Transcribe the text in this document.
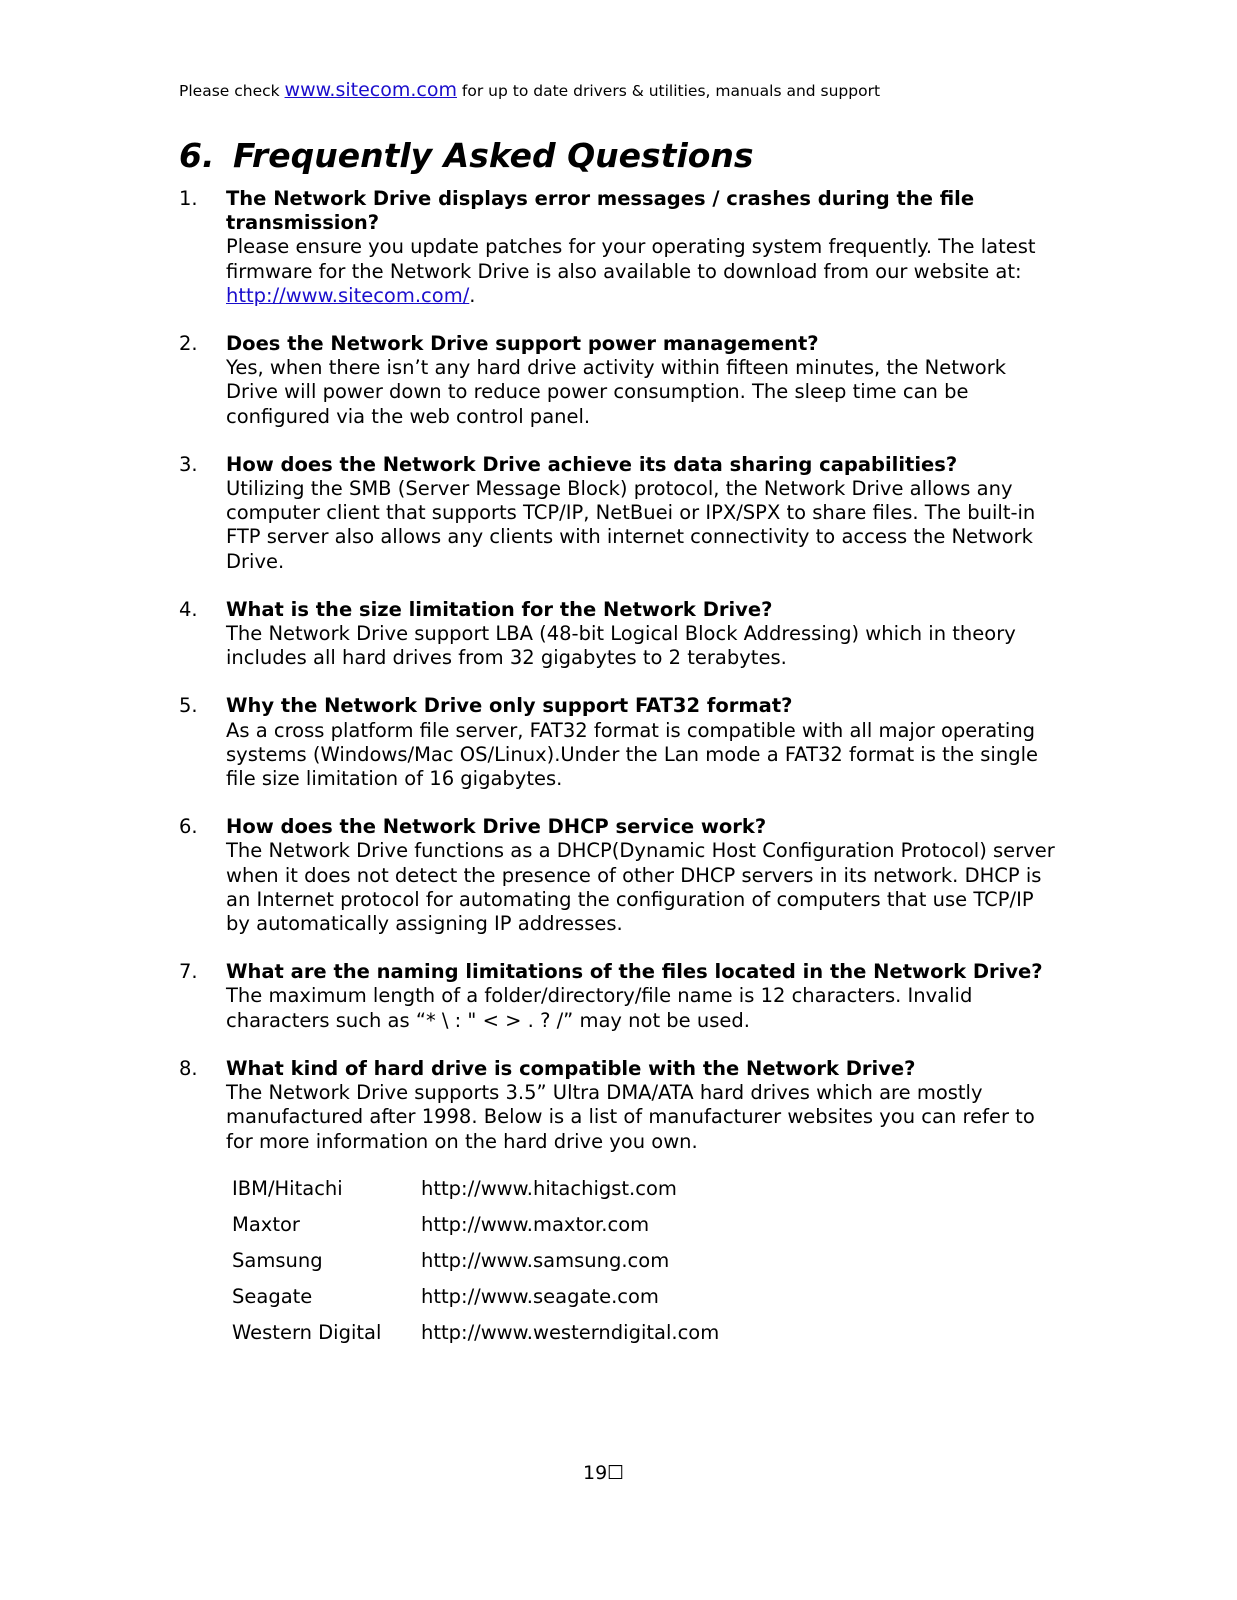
Please check www.sitecom.com for up to date drivers & utilities, manuals and support
6. Frequently Asked Questions
1.	The Network Drive displays error messages / crashes during the file transmission?
Please ensure you update patches for your operating system frequently. The latest firmware for the Network Drive is also available to download from our website at: http://www.sitecom.com/.
2.	Does the Network Drive support power management?
Yes, when there isn’t any hard drive activity within fifteen minutes, the Network Drive will power down to reduce power consumption. The sleep time can be configured via the web control panel.
3.	How does the Network Drive achieve its data sharing capabilities?
Utilizing the SMB (Server Message Block) protocol, the Network Drive allows any computer client that supports TCP/IP, NetBuei or IPX/SPX to share files. The built-in FTP server also allows any clients with internet connectivity to access the Network Drive.
4.	What is the size limitation for the Network Drive?
The Network Drive support LBA (48-bit Logical Block Addressing) which in theory includes all hard drives from 32 gigabytes to 2 terabytes.
5.	Why the Network Drive only support FAT32 format?
As a cross platform file server, FAT32 format is compatible with all major operating systems (Windows/Mac OS/Linux).Under the Lan mode a FAT32 format is the single file size limitation of 16 gigabytes.
6.	How does the Network Drive DHCP service work?
The Network Drive functions as a DHCP(Dynamic Host Configuration Protocol) server when it does not detect the presence of other DHCP servers in its network. DHCP is an Internet protocol for automating the configuration of computers that use TCP/IP by automatically assigning IP addresses.
7.	What are the naming limitations of the files located in the Network Drive?
The maximum length of a folder/directory/file name is 12 characters. Invalid characters such as “* \ : " < > . ? /” may not be used.
8.	What kind of hard drive is compatible with the Network Drive?
The Network Drive supports 3.5” Ultra DMA/ATA hard drives which are mostly manufactured after 1998. Below is a list of manufacturer websites you can refer to for more information on the hard drive you own.
IBM/Hitachi	http://www.hitachigst.com
Maxtor	http://www.maxtor.com
Samsung	http://www.samsung.com
Seagate	http://www.seagate.com
Western Digital	http://www.westerndigital.com
19☐
